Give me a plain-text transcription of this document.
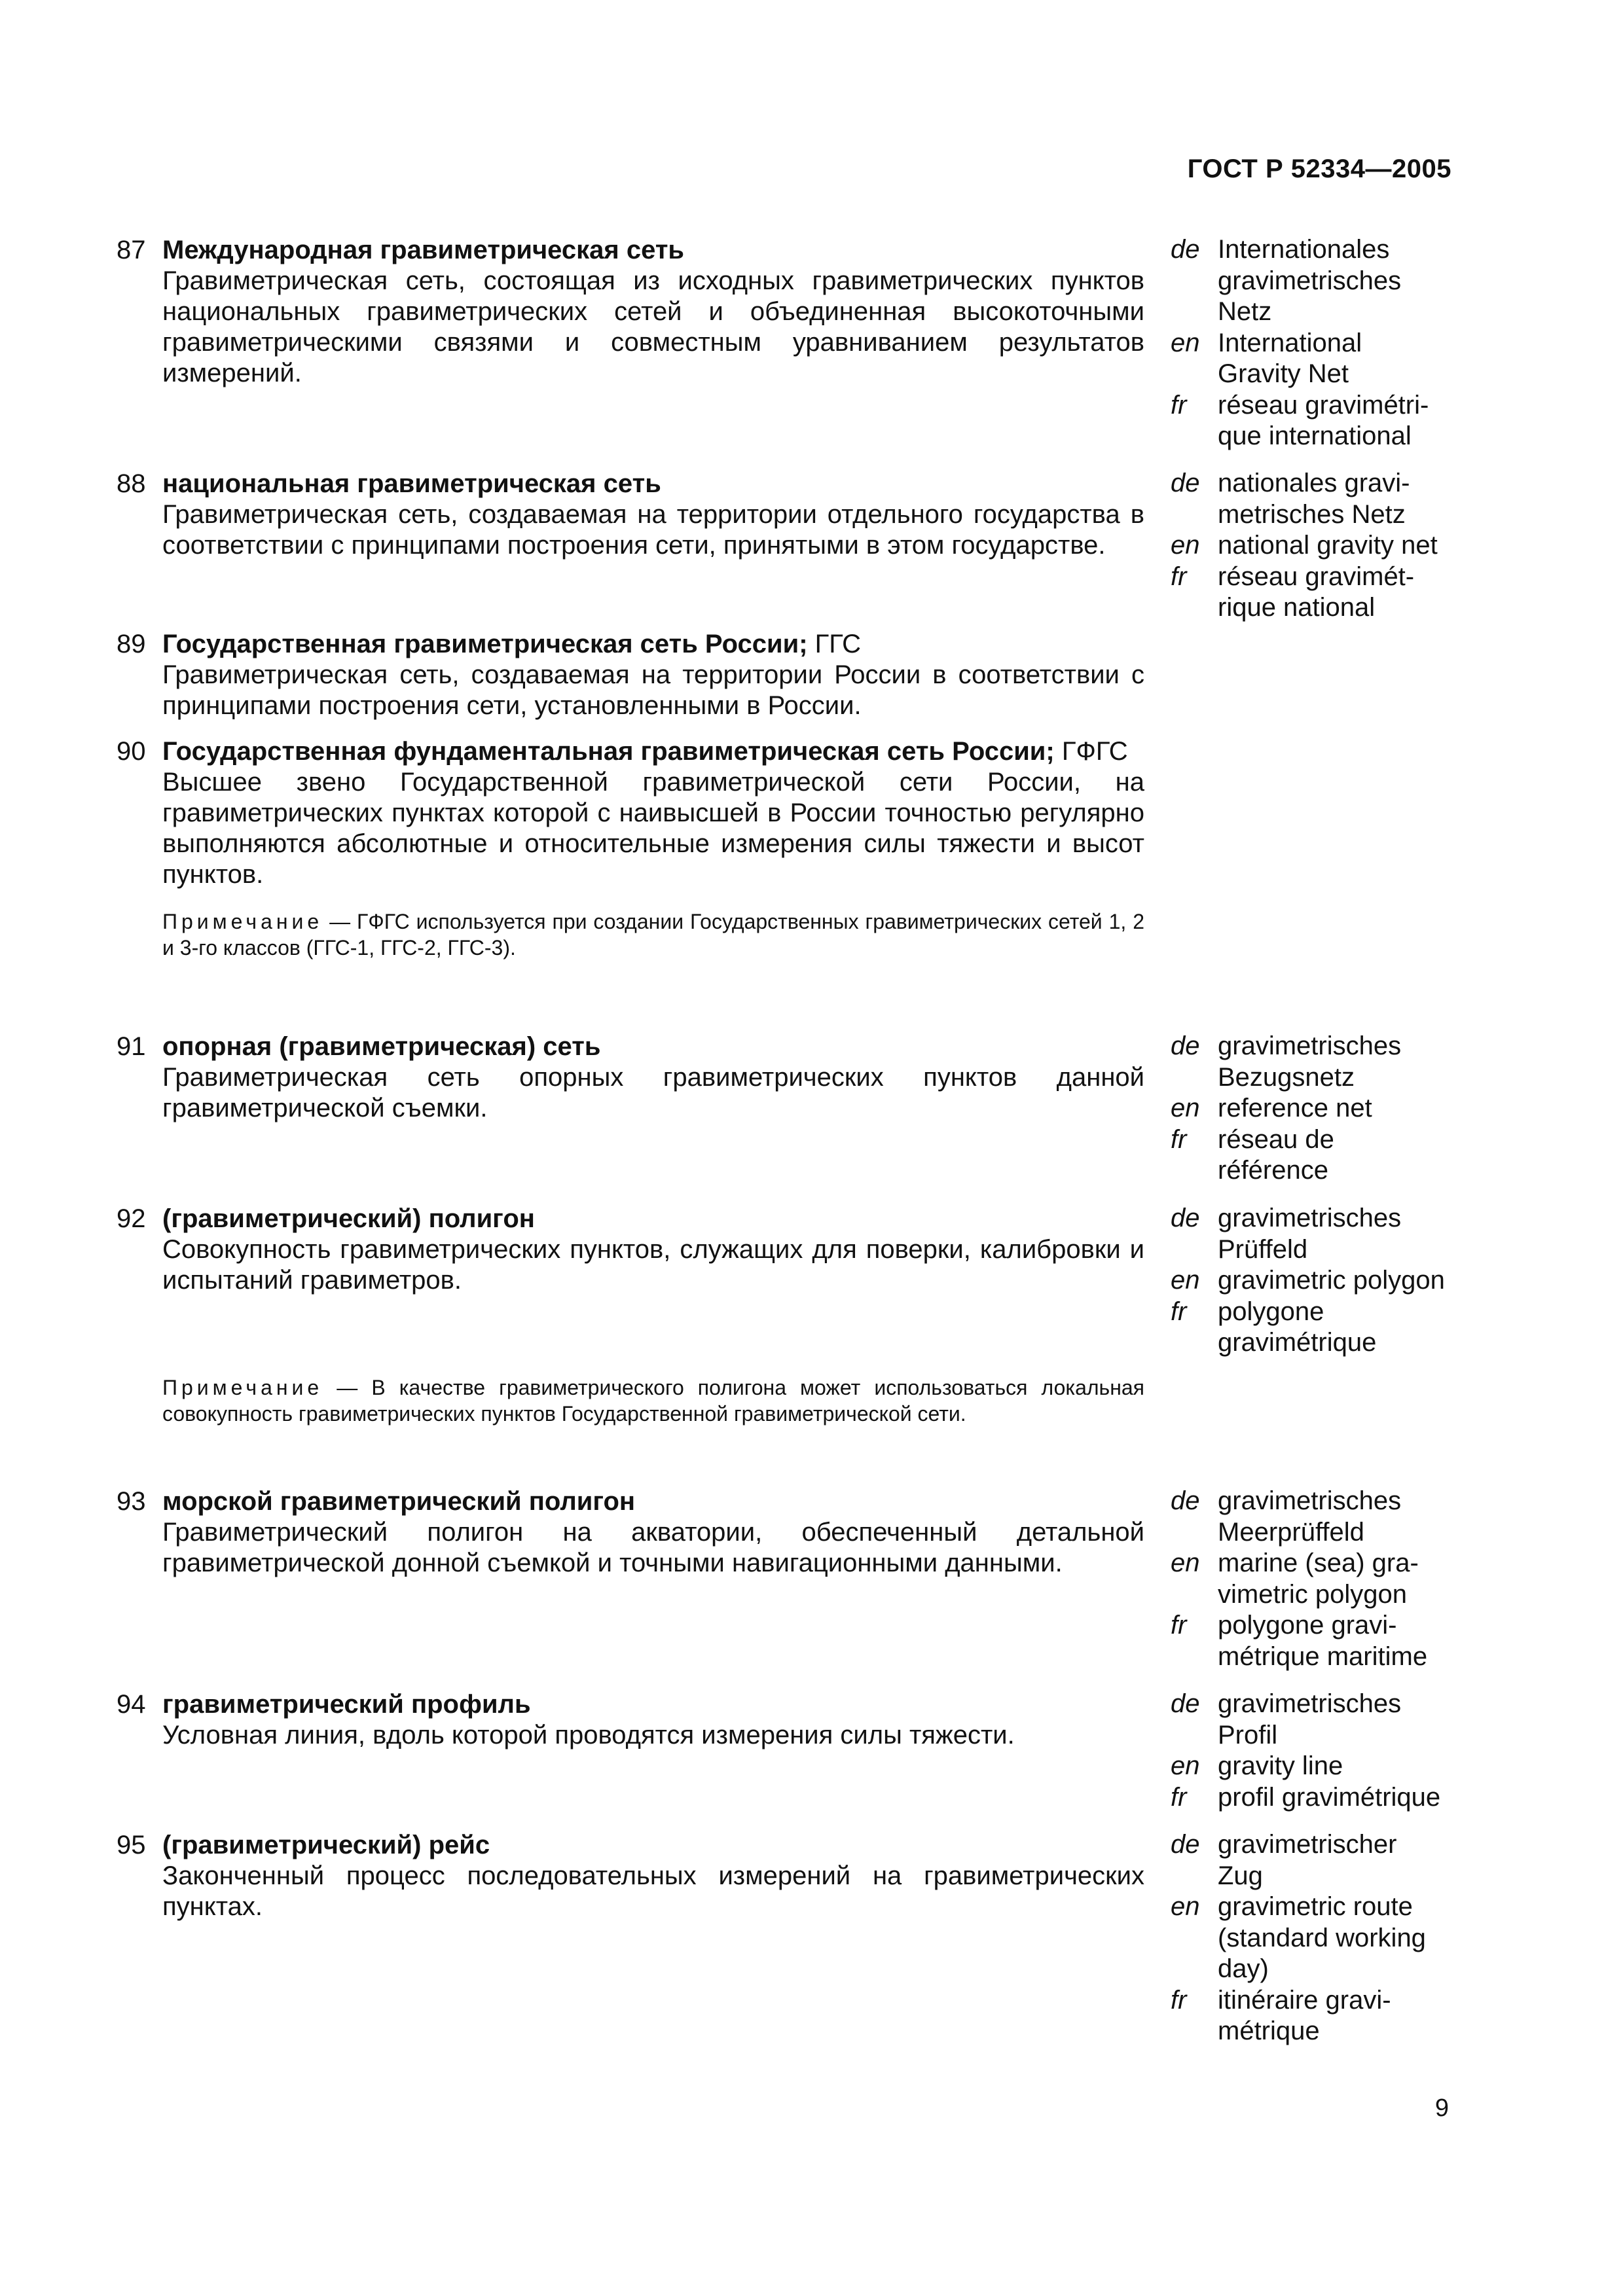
ГОСТ Р 52334—2005
87 Международная гравиметрическая сеть

Гравиметрическая сеть, состоящая из исходных гравиметрических пунктов национальных гравиметрических сетей и объединенная высокоточными гравиметрическими связями и совместным уравниванием результатов измерений.

de Internationales
gravimetrisches
Netz
en International
Gravity Net
fr	réseau gravimétri-
que international
88 национальная гравиметрическая сеть

Гравиметрическая сеть, создаваемая на территории отдельного государства в соответствии с принципами построения сети, принятыми в этом государстве.

de nationales gravi-
metrisches Netz
en national gravity net
fr	réseau gravimét-
rique national
89 Государственная гравиметрическая сеть России; ГГС

Гравиметрическая сеть, создаваемая на территории России в соответствии с принципами построения сети, установленными в России.

90 Государственная фундаментальная гравиметрическая сеть России; ГФГС

Высшее звено Государственной гравиметрической сети России, на гравиметрических пунктах которой с наивысшей в России точностью регулярно выполняются абсолютные и относительные измерения силы тяжести и высот пунктов.

Примечание — ГФГС используется при создании Государственных гравиметрических сетей 1, 2 и 3-го классов (ГГС-1, ГГС-2, ГГС-3).
91 опорная (гравиметрическая) сеть

Гравиметрическая сеть опорных гравиметрических пунктов данной гравиметрической съемки.

de gravimetrisches
Bezugsnetz
en reference net
fr	réseau de
référence
92 (гравиметрический) полигон

Совокупность гравиметрических пунктов, служащих для поверки, калибровки и испытаний гравиметров.

Примечание — В качестве гравиметрического полигона может использоваться локальная совокупность гравиметрических пунктов Государственной гравиметрической сети.
de gravimetrisches
Prüffeld
en gravimetric polygon
fr	polygone
gravimétrique
93 морской гравиметрический полигон

Гравиметрический полигон на акватории, обеспеченный детальной гравиметрической донной съемкой и точными навигационными данными.

de gravimetrisches
Meerprüffeld
en marine (sea) gra-
vimetric polygon
fr	polygone gravi-
métrique maritime
94 гравиметрический профиль

Условная линия, вдоль которой проводятся измерения силы тяжести.

de gravimetrisches
Profil
en gravity line
fr	profil gravimétrique
95 (гравиметрический) рейс

Законченный процесс последовательных измерений на гравиметрических пунктах.

de gravimetrischer
Zug
en gravimetric route
(standard working
day)
fr	itinéraire gravi-
métrique
9
